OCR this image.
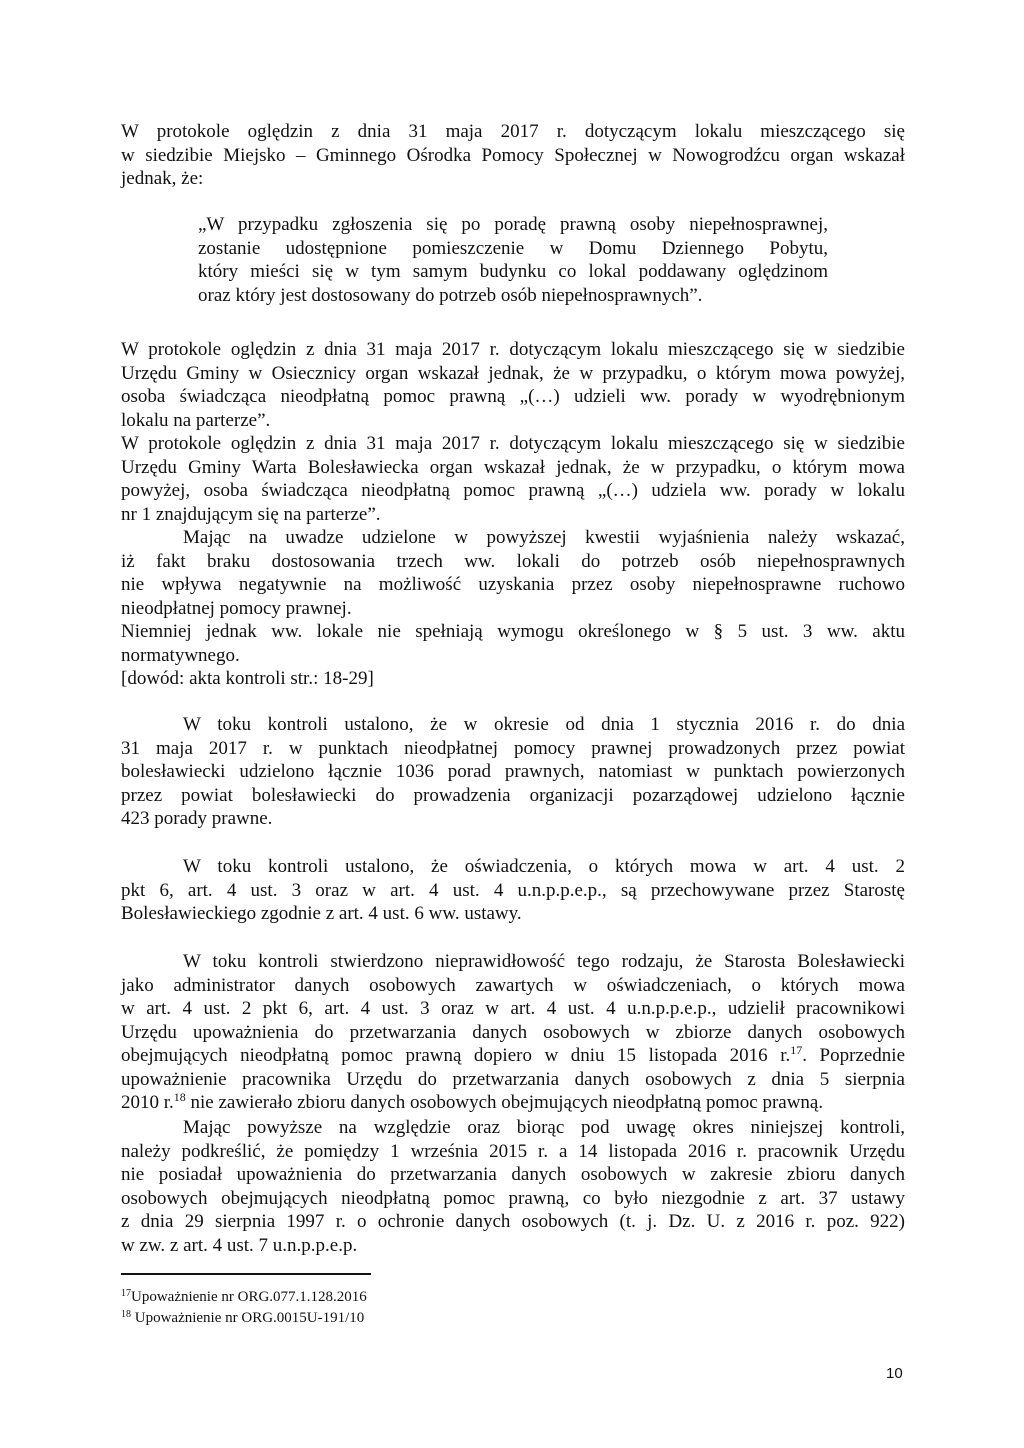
W protokole oględzin z dnia 31 maja 2017 r. dotyczącym lokalu mieszczącego się
w siedzibie Miejsko – Gminnego Ośrodka Pomocy Społecznej w Nowogrodźcu organ wskazał
jednak, że:

„W przypadku zgłoszenia się po poradę prawną osoby niepełnosprawnej,
zostanie udostępnione pomieszczenie w Domu Dziennego Pobytu,
który mieści się w tym samym budynku co lokal poddawany oględzinom
oraz który jest dostosowany do potrzeb osób niepełnosprawnych”.

W protokole oględzin z dnia 31 maja 2017 r. dotyczącym lokalu mieszczącego się w siedzibie
Urzędu Gminy w Osiecznicy organ wskazał jednak, że w przypadku, o którym mowa powyżej,
osoba świadcząca nieodpłatną pomoc prawną „(…) udzieli ww. porady w wyodrębnionym
lokalu na parterze”.

W protokole oględzin z dnia 31 maja 2017 r. dotyczącym lokalu mieszczącego się w siedzibie
Urzędu Gminy Warta Bolesławiecka organ wskazał jednak, że w przypadku, o którym mowa
powyżej, osoba świadcząca nieodpłatną pomoc prawną „(…) udziela ww. porady w lokalu
nr 1 znajdującym się na parterze”.

Mając na uwadze udzielone w powyższej kwestii wyjaśnienia należy wskazać,
iż fakt braku dostosowania trzech ww. lokali do potrzeb osób niepełnosprawnych
nie wpływa negatywnie na możliwość uzyskania przez osoby niepełnosprawne ruchowo
nieodpłatnej pomocy prawnej.

Niemniej jednak ww. lokale nie spełniają wymogu określonego w § 5 ust. 3 ww. aktu
normatywnego.

[dowód: akta kontroli str.: 18-29]

W toku kontroli ustalono, że w okresie od dnia 1 stycznia 2016 r. do dnia
31 maja 2017 r. w punktach nieodpłatnej pomocy prawnej prowadzonych przez powiat
bolesławiecki udzielono łącznie 1036 porad prawnych, natomiast w punktach powierzonych
przez powiat bolesławiecki do prowadzenia organizacji pozarządowej udzielono łącznie
423 porady prawne.

W toku kontroli ustalono, że oświadczenia, o których mowa w art. 4 ust. 2
pkt 6, art. 4 ust. 3 oraz w art. 4 ust. 4 u.n.p.p.e.p., są przechowywane przez Starostę
Bolesławieckiego zgodnie z art. 4 ust. 6 ww. ustawy.

W toku kontroli stwierdzono nieprawidłowość tego rodzaju, że Starosta Bolesławiecki
jako administrator danych osobowych zawartych w oświadczeniach, o których mowa
w art. 4 ust. 2 pkt 6, art. 4 ust. 3 oraz w art. 4 ust. 4 u.n.p.p.e.p., udzielił pracownikowi
Urzędu upoważnienia do przetwarzania danych osobowych w zbiorze danych osobowych
obejmujących nieodpłatną pomoc prawną dopiero w dniu 15 listopada 2016 r.$^{17}$. Poprzednie
upoważnienie pracownika Urzędu do przetwarzania danych osobowych z dnia 5 sierpnia
2010 r.$^{18}$ nie zawierało zbioru danych osobowych obejmujących nieodpłatną pomoc prawną.

Mając powyższe na względzie oraz biorąc pod uwagę okres niniejszej kontroli,
należy podkreślić, że pomiędzy 1 września 2015 r. a 14 listopada 2016 r. pracownik Urzędu
nie posiadał upoważnienia do przetwarzania danych osobowych w zakresie zbioru danych
osobowych obejmujących nieodpłatną pomoc prawną, co było niezgodnie z art. 37 ustawy
z dnia 29 sierpnia 1997 r. o ochronie danych osobowych (t. j. Dz. U. z 2016 r. poz. 922)
w zw. z art. 4 ust. 7 u.n.p.p.e.p.

$^{17}$Upoważnienie nr ORG.077.1.128.2016
$^{18}$ Upoważnienie nr ORG.0015U-191/10
10
